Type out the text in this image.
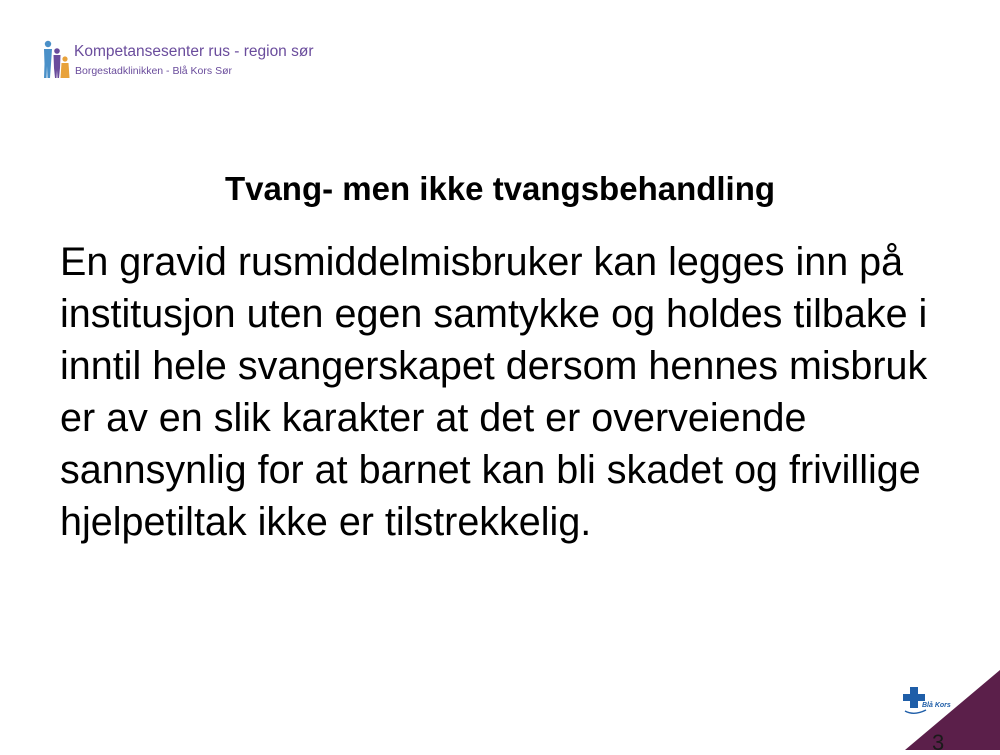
Kompetansesenter rus - region sør
Borgestadklinikken - Blå Kors Sør
Tvang- men ikke tvangsbehandling

En gravid rusmiddelmisbruker kan legges inn på institusjon uten egen samtykke og holdes tilbake i inntil hele svangerskapet dersom hennes misbruk er av en slik karakter at det er overveiende sannsynlig for at barnet kan bli skadet og frivillige hjelpetiltak ikke er tilstrekkelig.

Blå Kors
3
